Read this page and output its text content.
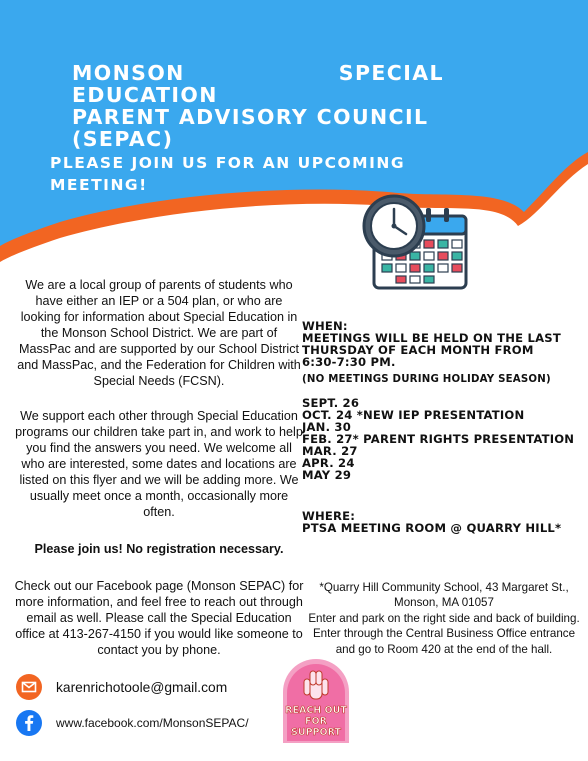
MONSON SPECIAL EDUCATION
PARENT ADVISORY COUNCIL
(SEPAC)
PLEASE JOIN US FOR AN UPCOMING
MEETING!
We are a local group of parents of students who have either an IEP or a 504 plan, or who are looking for information about Special Education in the Monson School District. We are part of MassPac and are supported by our School District and MassPac, and the Federation for Children with Special Needs (FCSN).
We support each other through Special Education programs our children take part in, and work to help you find the answers you need. We welcome all who are interested, some dates and locations are listed on this flyer and we will be adding more. We usually meet once a month, occasionally more often.
Please join us! No registration necessary.
Check out our Facebook page (Monson SEPAC) for more information, and feel free to reach out through email as well. Please call the Special Education office at 413-267-4150 if you would like someone to contact you by phone.
WHEN:
MEETINGS WILL BE HELD ON THE LAST
THURSDAY OF EACH MONTH FROM
6:30-7:30 PM.
(NO MEETINGS DURING HOLIDAY SEASON)
SEPT. 26
OCT. 24 *NEW IEP PRESENTATION
JAN. 30
FEB. 27* PARENT RIGHTS PRESENTATION
MAR. 27
APR. 24
MAY 29
WHERE:
PTSA MEETING ROOM @ QUARRY HILL*
*Quarry Hill Community School, 43 Margaret St.,
Monson, MA 01057
Enter and park on the right side and back of building. Enter through the Central Business Office entrance and go to Room 420 at the end of the hall.
karenrichotoole@gmail.com
www.facebook.com/MonsonSEPAC/
REACH OUT
FOR
SUPPORT
